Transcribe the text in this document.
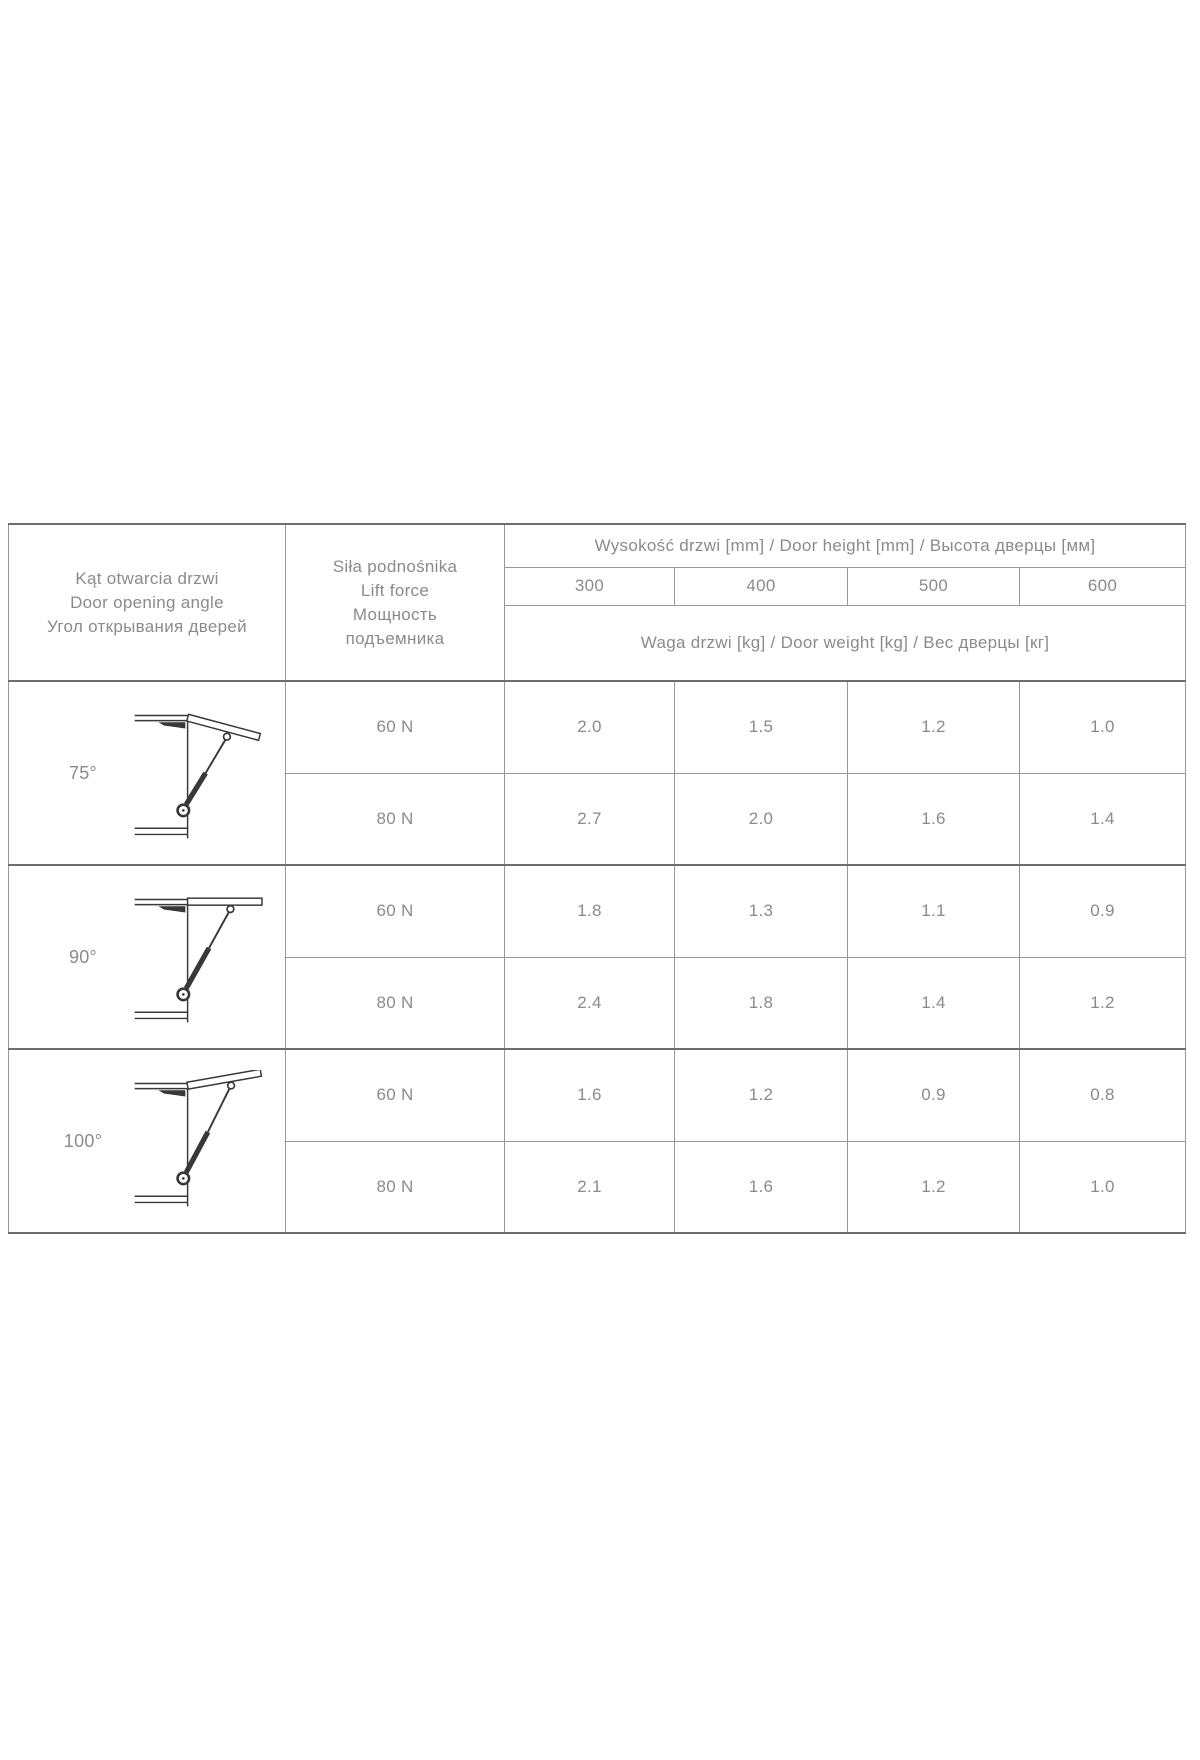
Kąt otwarcia drzwi
Door opening angle
Угол открывания дверей

Siła podnośnika
Lift force
Мощность
подъемника
	Wysokość drzwi [mm] / Door height [mm] / Высота дверцы [мм]
		300	400	500	600
		Waga drzwi [kg] / Door weight [kg] / Вес дверцы [кг]			

75°	60 N	2.0	1.5	1.2	1.0
	80 N	2.7	2.0	1.6	1.4

90°	60 N	1.8	1.3	1.1	0.9
	80 N	2.4	1.8	1.4	1.2

100°	60 N	1.6	1.2	0.9	0.8
	80 N	2.1	1.6	1.2	1.0
